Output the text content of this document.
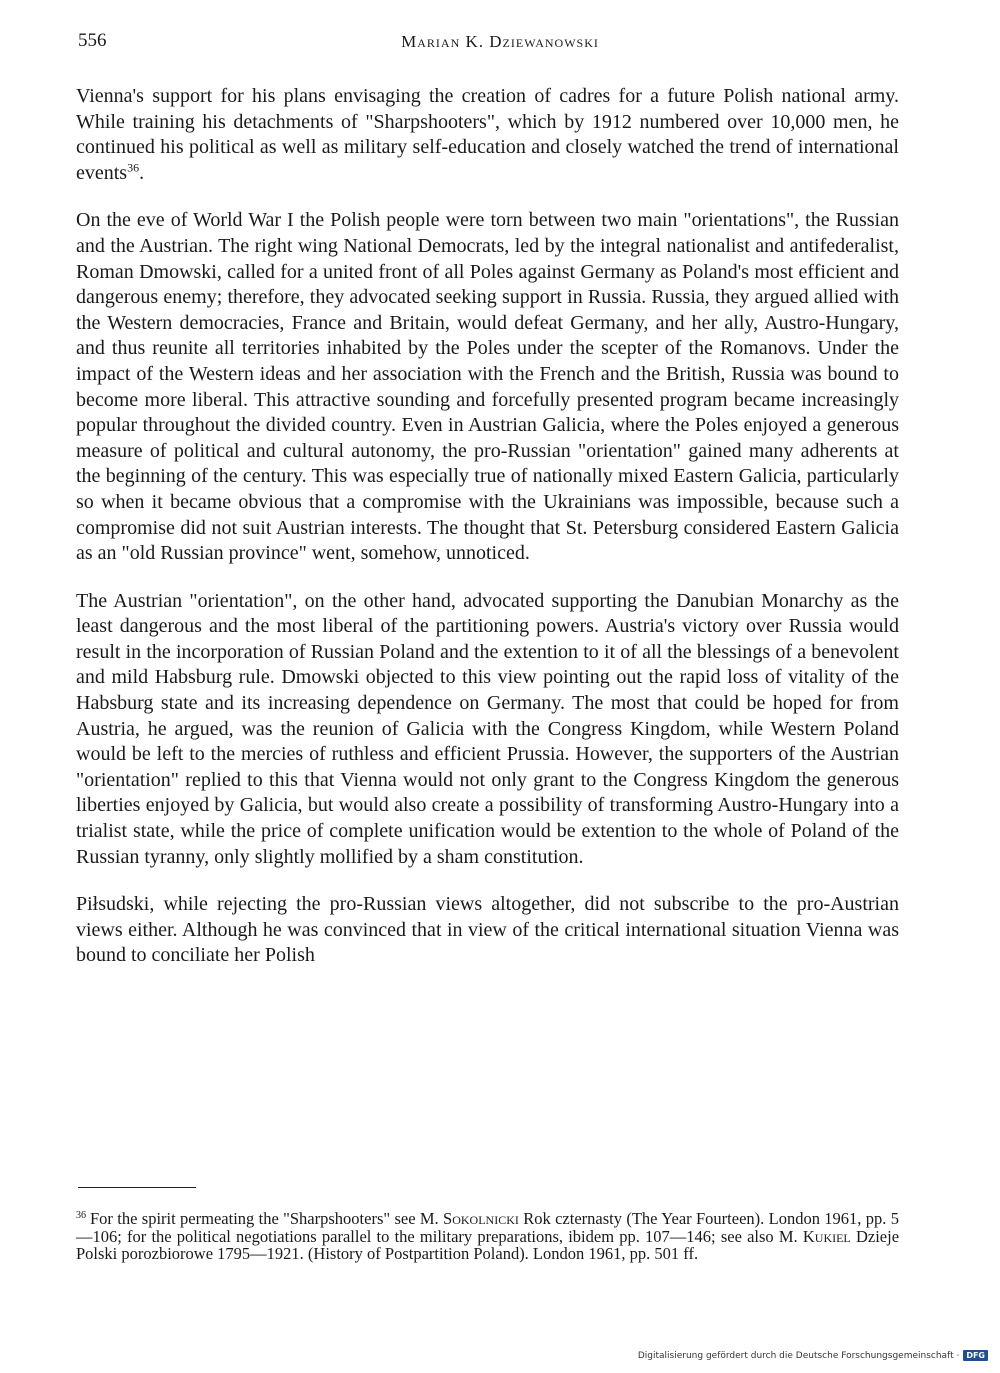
556	Marian K. Dziewanowski

Vienna's support for his plans envisaging the creation of cadres for a future Polish national army. While training his detachments of "Sharpshooters", which by 1912 numbered over 10,000 men, he continued his political as well as military self-education and closely watched the trend of international events$^{36}$.

On the eve of World War I the Polish people were torn between two main "orientations", the Russian and the Austrian. The right wing National Democrats, led by the integral nationalist and antifederalist, Roman Dmowski, called for a united front of all Poles against Germany as Poland's most efficient and dangerous enemy; therefore, they advocated seeking support in Russia. Russia, they argued allied with the Western democracies, France and Britain, would defeat Germany, and her ally, Austro-Hungary, and thus reunite all territories inhabited by the Poles under the scepter of the Romanovs. Under the impact of the Western ideas and her association with the French and the British, Russia was bound to become more liberal. This attractive sounding and forcefully presented program became increasingly popular throughout the divided country. Even in Austrian Galicia, where the Poles enjoyed a generous measure of political and cultural autonomy, the pro-Russian "orientation" gained many adherents at the beginning of the century. This was especially true of nationally mixed Eastern Galicia, particularly so when it became obvious that a compromise with the Ukrainians was impossible, because such a compromise did not suit Austrian interests. The thought that St. Petersburg considered Eastern Galicia as an "old Russian province" went, somehow, unnoticed.

The Austrian "orientation", on the other hand, advocated supporting the Danubian Monarchy as the least dangerous and the most liberal of the partitioning powers. Austria's victory over Russia would result in the incorporation of Russian Poland and the extention to it of all the blessings of a benevolent and mild Habsburg rule. Dmowski objected to this view pointing out the rapid loss of vitality of the Habsburg state and its increasing dependence on Germany. The most that could be hoped for from Austria, he argued, was the reunion of Galicia with the Congress Kingdom, while Western Poland would be left to the mercies of ruthless and efficient Prussia. However, the supporters of the Austrian "orientation" replied to this that Vienna would not only grant to the Congress Kingdom the generous liberties enjoyed by Galicia, but would also create a possibility of transforming Austro-Hungary into a trialist state, while the price of complete unification would be extention to the whole of Poland of the Russian tyranny, only slightly mollified by a sham constitution.

Piłsudski, while rejecting the pro-Russian views altogether, did not subscribe to the pro-Austrian views either. Although he was convinced that in view of the critical international situation Vienna was bound to conciliate her Polish

$^{36}$ For the spirit permeating the "Sharpshooters" see M. Sokolnicki Rok czternasty (The Year Fourteen). London 1961, pp. 5—106; for the political negotiations parallel to the military preparations, ibidem pp. 107—146; see also M. Kukiel Dzieje Polski porozbiorowe 1795—1921. (History of Postpartition Poland). London 1961, pp. 501 ff.

Digitalisierung gefördert durch die Deutsche Forschungsgemeinschaft · DFG
